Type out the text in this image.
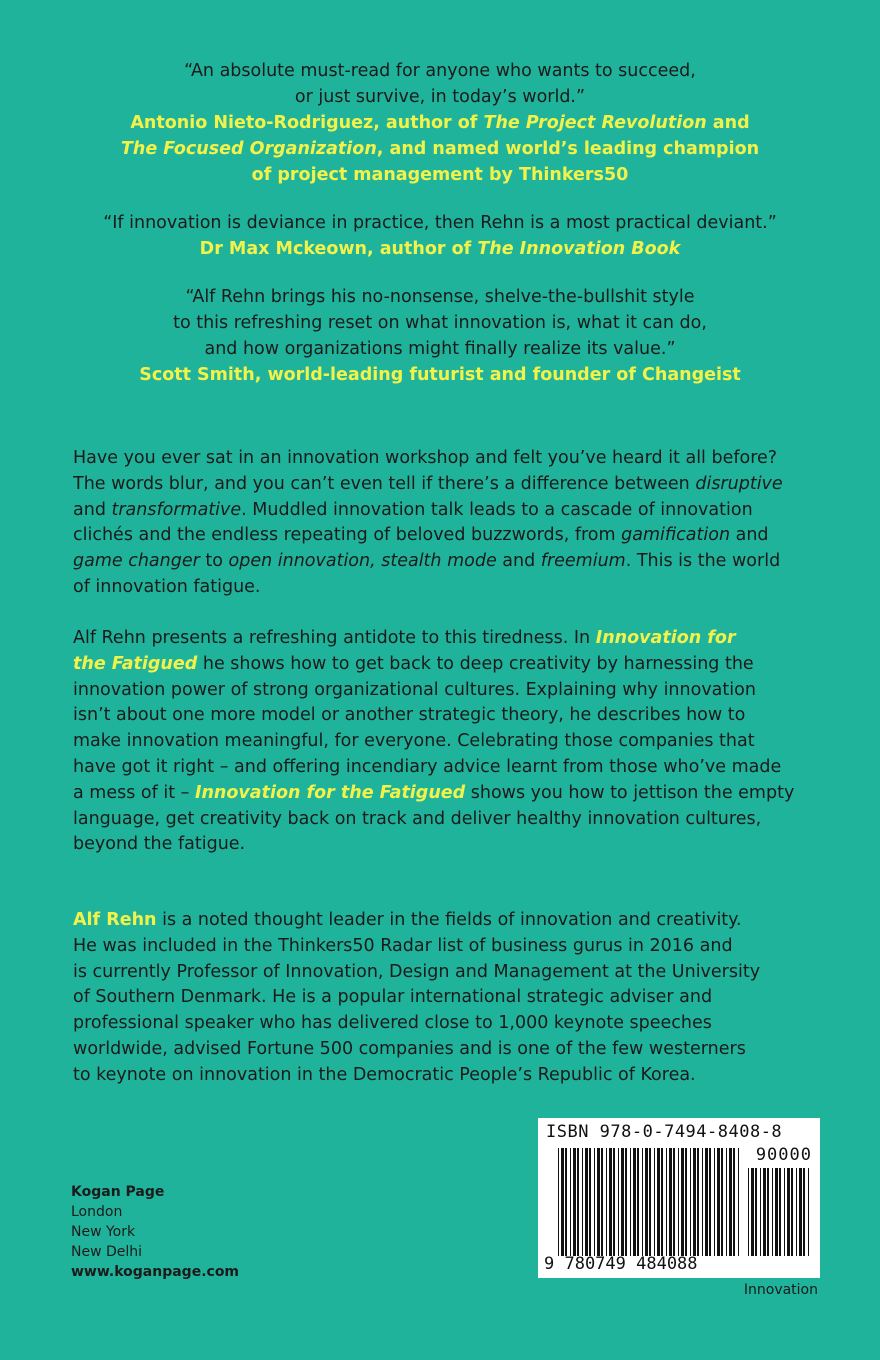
“An absolute must-read for anyone who wants to succeed,

or just survive, in today’s world.”

Antonio Nieto-Rodriguez, author of The Project Revolution and

The Focused Organization, and named world’s leading champion

of project management by Thinkers50

“If innovation is deviance in practice, then Rehn is a most practical deviant.”

Dr Max Mckeown, author of The Innovation Book

“Alf Rehn brings his no-nonsense, shelve-the-bullshit style

to this refreshing reset on what innovation is, what it can do,

and how organizations might finally realize its value.”

Scott Smith, world-leading futurist and founder of Changeist

Have you ever sat in an innovation workshop and felt you’ve heard it all before?

The words blur, and you can’t even tell if there’s a difference between disruptive

and transformative. Muddled innovation talk leads to a cascade of innovation

clichés and the endless repeating of beloved buzzwords, from gamification and

game changer to open innovation, stealth mode and freemium. This is the world

of innovation fatigue.

Alf Rehn presents a refreshing antidote to this tiredness. In Innovation for

the Fatigued he shows how to get back to deep creativity by harnessing the

innovation power of strong organizational cultures. Explaining why innovation

isn’t about one more model or another strategic theory, he describes how to

make innovation meaningful, for everyone. Celebrating those companies that

have got it right – and offering incendiary advice learnt from those who’ve made

a mess of it – Innovation for the Fatigued shows you how to jettison the empty

language, get creativity back on track and deliver healthy innovation cultures,

beyond the fatigue.

Alf Rehn is a noted thought leader in the fields of innovation and creativity.

He was included in the Thinkers50 Radar list of business gurus in 2016 and

is currently Professor of Innovation, Design and Management at the University

of Southern Denmark. He is a popular international strategic adviser and

professional speaker who has delivered close to 1,000 keynote speeches

worldwide, advised Fortune 500 companies and is one of the few westerners

to keynote on innovation in the Democratic People’s Republic of Korea.

Kogan Page
London
New York
New Delhi
www.koganpage.com
ISBN 978-0-7494-8408-8
90000
9 780749 484088
Innovation
